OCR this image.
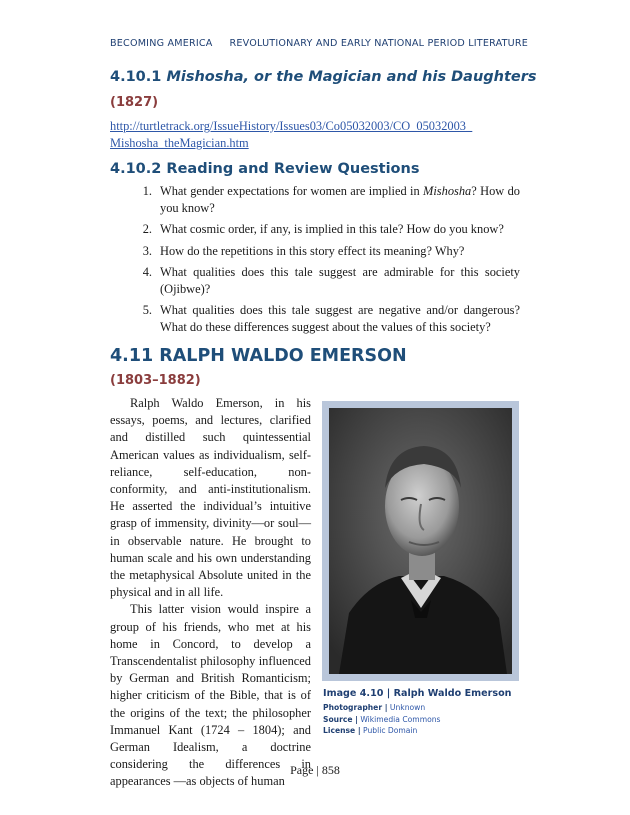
BECOMING AMERICA REVOLUTIONARY AND EARLY NATIONAL PERIOD LITERATURE
4.10.1 Mishosha, or the Magician and his Daughters
(1827)
http://turtletrack.org/IssueHistory/Issues03/Co05032003/CO_05032003_
Mishosha_theMagician.htm
4.10.2 Reading and Review Questions
1. What gender expectations for women are implied in Mishosha? How do you know?
2. What cosmic order, if any, is implied in this tale? How do you know?
3. How do the repetitions in this story effect its meaning? Why?
4. What qualities does this tale suggest are admirable for this society (Ojibwe)?
5. What qualities does this tale suggest are negative and/or dangerous? What do these differences suggest about the values of this society?
4.11 RALPH WALDO EMERSON
(1803–1882)

Ralph Waldo Emerson, in his essays, poems, and lectures, clarified and distilled such quintessential American values as individualism, self-reliance, self-education, non-conformity, and anti-institutionalism. He asserted the individual’s intuitive grasp of immensity, divinity—or soul—in observable nature. He brought to human scale and his own understanding the metaphysical Absolute united in the physical and in all life.

This latter vision would inspire a group of his friends, who met at his home in Concord, to develop a Transcendentalist philosophy influenced by German and British Romanticism; higher criticism of the Bible, that is of the origins of the text; the philosopher Immanuel Kant (1724 – 1804); and German Idealism, a doctrine considering the differences in appearances —as objects of human

Image 4.10 | Ralph Waldo Emerson
Photographer | Unknown
Source | Wikimedia Commons
License | Public Domain
Page | 858
